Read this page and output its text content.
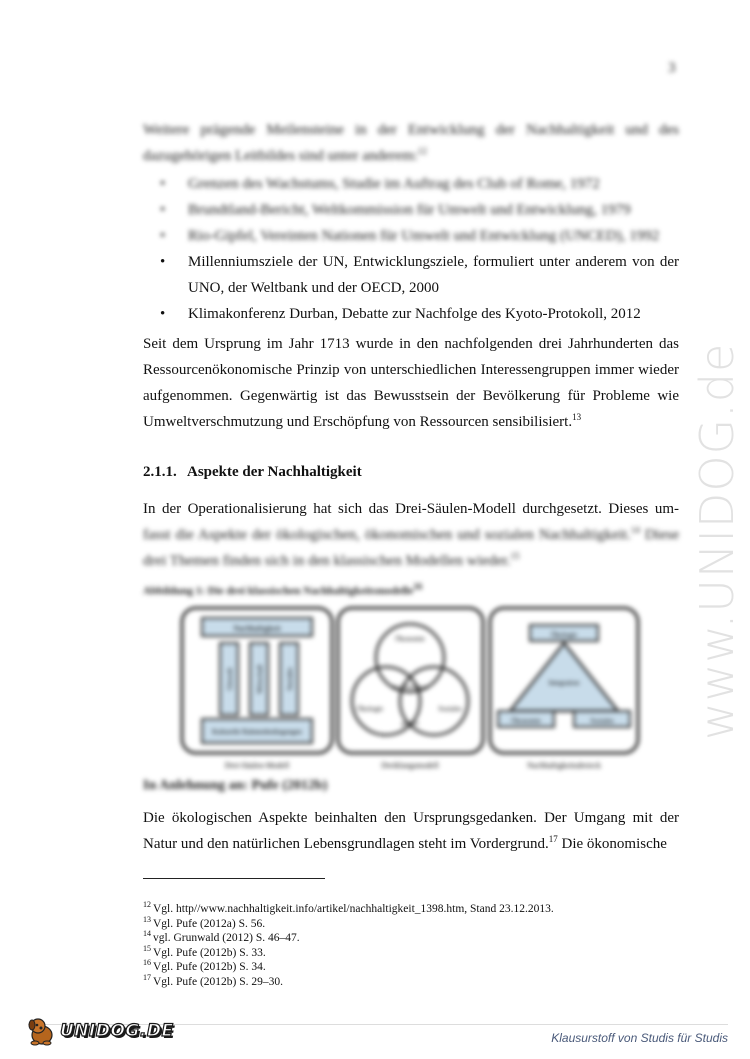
3
Weitere prägende Meilensteine in der Entwicklung der Nachhaltigkeit und des dazugehörigen Leitbildes sind unter anderem:$^{12}$
• Grenzen des Wachstums, Studie im Auftrag des Club of Rome, 1972
• Brundtland-Bericht, Weltkommission für Umwelt und Entwicklung, 1979
• Rio-Gipfel, Vereinten Nationen für Umwelt und Entwicklung (UNCED), 1992
• Millenniumsziele der UN, Entwicklungsziele, formuliert unter anderem von der UNO, der Weltbank und der OECD, 2000
• Klimakonferenz Durban, Debatte zur Nachfolge des Kyoto-Protokoll, 2012
Seit dem Ursprung im Jahr 1713 wurde in den nachfolgenden drei Jahrhunderten das Ressourcenökonomische Prinzip von unterschiedlichen Interessengruppen immer wieder aufgenommen. Gegenwärtig ist das Bewusstsein der Bevölkerung für Probleme wie Umweltverschmutzung und Erschöpfung von Ressourcen sensibilisiert.$^{13}$
2.1.1. Aspekte der Nachhaltigkeit
In der Operationalisierung hat sich das Drei-Säulen-Modell durchgesetzt. Dieses um- fasst die Aspekte der ökologischen, ökonomischen und sozialen Nachhaltigkeit.$^{14}$ Diese drei Themen finden sich in den klassischen Modellen wieder.$^{15}$
Abbildung 1: Die drei klassischen Nachhaltigkeitsmodelle$^{16}$
Nachhaltigkeit
Umwelt	Wirtschaft	Soziales
Kulturelle Rahmenbedingungen
Drei-Säulen-Modell
Ökonomie
Ökologie	Soziales
Nachhaltigkeit
gesamt
Dreiklangsmodell
Ökologie
Integration
Ökonomie	Soziales
Nachhaltigkeitsdreieck
In Anlehnung an: Pufe (2012b)
Die ökologischen Aspekte beinhalten den Ursprungsgedanken. Der Umgang mit der Natur und den natürlichen Lebensgrundlagen steht im Vordergrund.$^{17}$ Die ökonomische
$^{12}$ Vgl. http//www.nachhaltigkeit.info/artikel/nachhaltigkeit_1398.htm, Stand 23.12.2013.
$^{13}$ Vgl. Pufe (2012a) S. 56.
$^{14}$ vgl. Grunwald (2012) S. 46–47.
$^{15}$ Vgl. Pufe (2012b) S. 33.
$^{16}$ Vgl. Pufe (2012b) S. 34.
$^{17}$ Vgl. Pufe (2012b) S. 29–30.
www.UNIDOG.de
UNIDOG.DE	Klausurstoff von Studis für Studis
